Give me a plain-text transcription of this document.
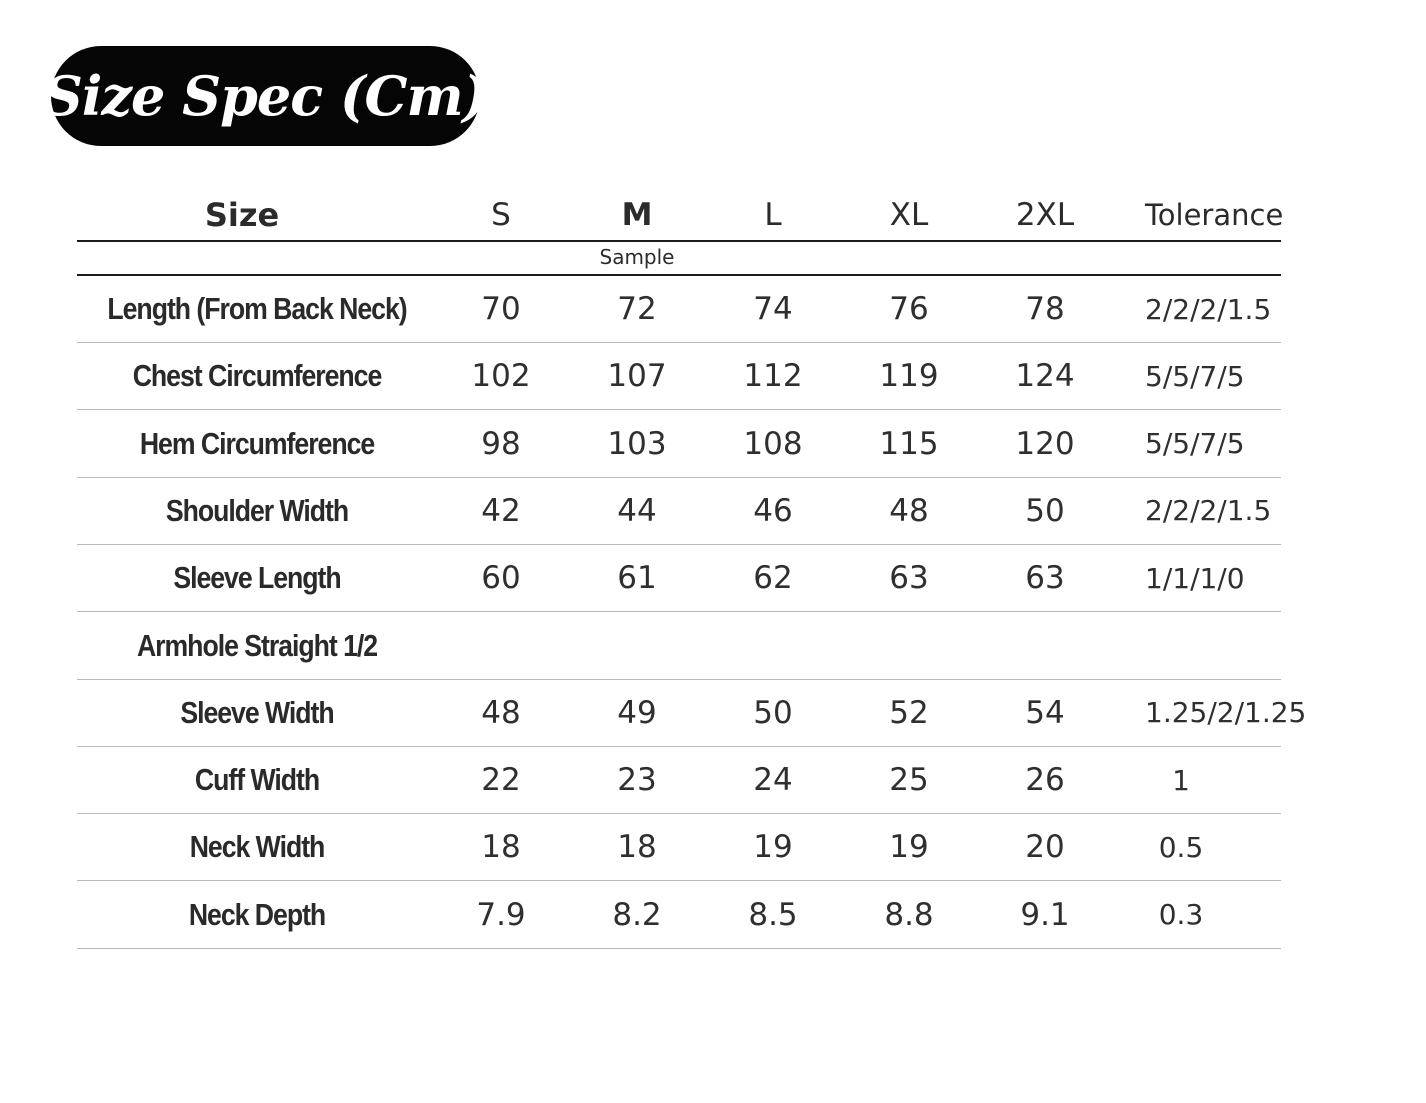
Size Spec (Cm)
Size	S	M	L	XL	2XL	Tolerance
Sample
Length (From Back Neck)	70	72	74	76	78	2/2/2/1.5
Chest Circumference	102	107	112	119	124	5/5/7/5
Hem Circumference	98	103	108	115	120	5/5/7/5
Shoulder Width	42	44	46	48	50	2/2/2/1.5
Sleeve Length	60	61	62	63	63	1/1/1/0
Armhole Straight 1/2
Sleeve Width	48	49	50	52	54	1.25/2/1.25
Cuff Width	22	23	24	25	26	1
Neck Width	18	18	19	19	20	0.5
Neck Depth	7.9	8.2	8.5	8.8	9.1	0.3
